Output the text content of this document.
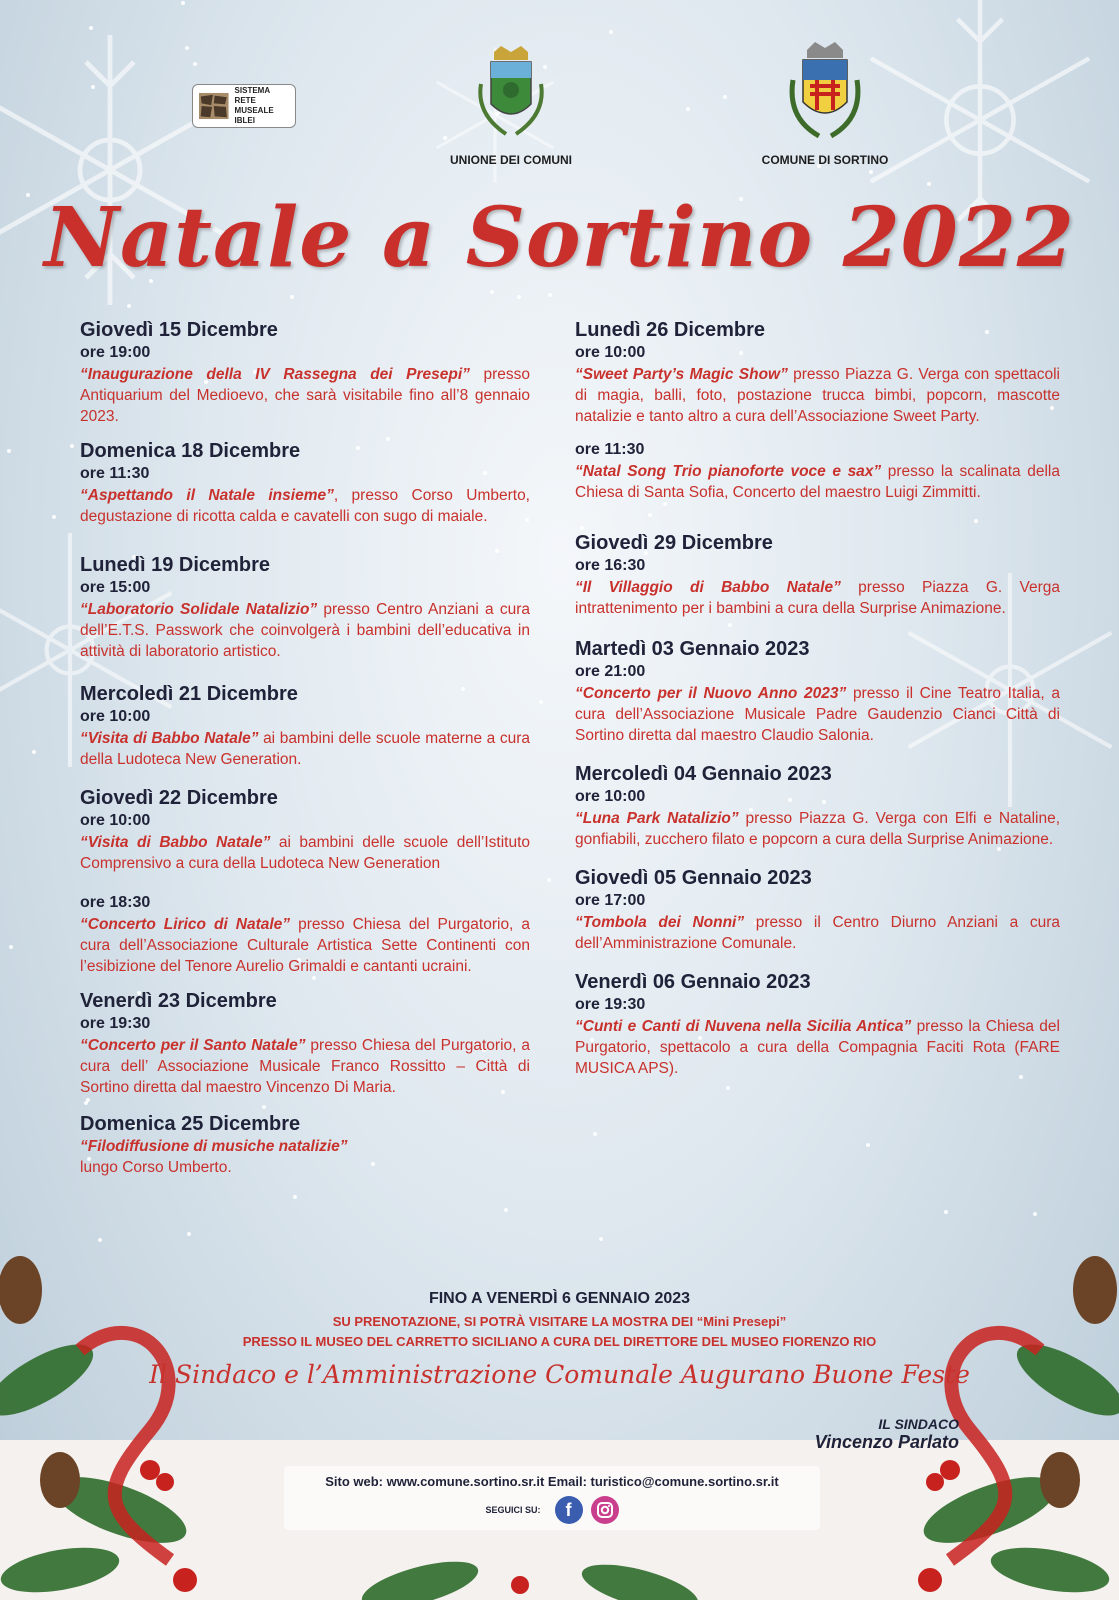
SISTEMA
RETE MUSEALE
IBLEI
UNIONE DEI COMUNI	COMUNE DI SORTINO
Natale a Sortino 2022
Giovedì 15 Dicembre
ore 19:00
“Inaugurazione della IV Rassegna dei Presepi” presso Antiquarium del Medioevo, che sarà visitabile fino all’8 gennaio 2023.
Domenica 18 Dicembre
ore 11:30
“Aspettando il Natale insieme”, presso Corso Umberto, degustazione di ricotta calda e cavatelli con sugo di maiale.
Lunedì 19 Dicembre
ore 15:00
“Laboratorio Solidale Natalizio” presso Centro Anziani a cura dell’E.T.S. Passwork che coinvolgerà i bambini dell’educativa in attività di laboratorio artistico.
Mercoledì 21 Dicembre
ore 10:00
“Visita di Babbo Natale” ai bambini delle scuole materne a cura della Ludoteca New Generation.
Giovedì 22 Dicembre
ore 10:00
“Visita di Babbo Natale” ai bambini delle scuole dell’Istituto Comprensivo a cura della Ludoteca New Generation
ore 18:30
“Concerto Lirico di Natale” presso Chiesa del Purgatorio, a cura dell’Associazione Culturale Artistica Sette Continenti con l’esibizione del Tenore Aurelio Grimaldi e cantanti ucraini.
Venerdì 23 Dicembre
ore 19:30
“Concerto per il Santo Natale” presso Chiesa del Purgatorio, a cura dell’ Associazione Musicale Franco Rossitto – Città di Sortino diretta dal maestro Vincenzo Di Maria.
Domenica 25 Dicembre
“Filodiffusione di musiche natalizie”
lungo Corso Umberto.
Lunedì 26 Dicembre
ore 10:00
“Sweet Party’s Magic Show” presso Piazza G. Verga con spettacoli di magia, balli, foto, postazione trucca bimbi, popcorn, mascotte natalizie e tanto altro a cura dell’Associazione Sweet Party.
ore 11:30
“Natal Song Trio pianoforte voce e sax” presso la scalinata della Chiesa di Santa Sofia, Concerto del maestro Luigi Zimmitti.
Giovedì 29 Dicembre
ore 16:30
“Il Villaggio di Babbo Natale” presso Piazza G. Verga intrattenimento per i bambini a cura della Surprise Animazione.
Martedì 03 Gennaio 2023
ore 21:00
“Concerto per il Nuovo Anno 2023” presso il Cine Teatro Italia, a cura dell’Associazione Musicale Padre Gaudenzio Cianci Città di Sortino diretta dal maestro Claudio Salonia.
Mercoledì 04 Gennaio 2023
ore 10:00
“Luna Park Natalizio” presso Piazza G. Verga con Elfi e Nataline, gonfiabili, zucchero filato e popcorn a cura della Surprise Animazione.
Giovedì 05 Gennaio 2023
ore 17:00
“Tombola dei Nonni” presso il Centro Diurno Anziani a cura dell’Amministrazione Comunale.
Venerdì 06 Gennaio 2023
ore 19:30
“Cunti e Canti di Nuvena nella Sicilia Antica” presso la Chiesa del Purgatorio, spettacolo a cura della Compagnia Faciti Rota (FARE MUSICA APS).
FINO A VENERDÌ 6 GENNAIO 2023
SU PRENOTAZIONE, SI POTRÀ VISITARE LA MOSTRA DEI “Mini Presepi”
PRESSO IL MUSEO DEL CARRETTO SICILIANO A CURA DEL DIRETTORE DEL MUSEO FIORENZO RIO
Il Sindaco e l’Amministrazione Comunale Augurano Buone Feste
IL SINDACO
Vincenzo Parlato
Sito web: www.comune.sortino.sr.it Email: turistico@comune.sortino.sr.it
SEGUICI SU:	f
